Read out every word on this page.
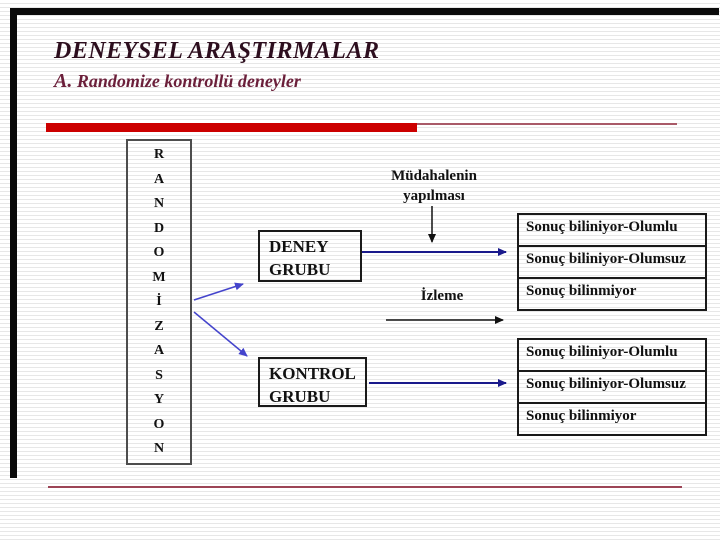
DENEYSEL ARAŞTIRMALAR
A. Randomize kontrollü deneyler
R
A
N
D
O
M
İ
Z
A
S
Y
O
N
DENEY
GRUBU
KONTROL
GRUBU
Müdahalenin
yapılması
İzleme
Sonuç biliniyor-Olumlu
Sonuç biliniyor-Olumsuz
Sonuç bilinmiyor
Sonuç biliniyor-Olumlu
Sonuç biliniyor-Olumsuz
Sonuç bilinmiyor
